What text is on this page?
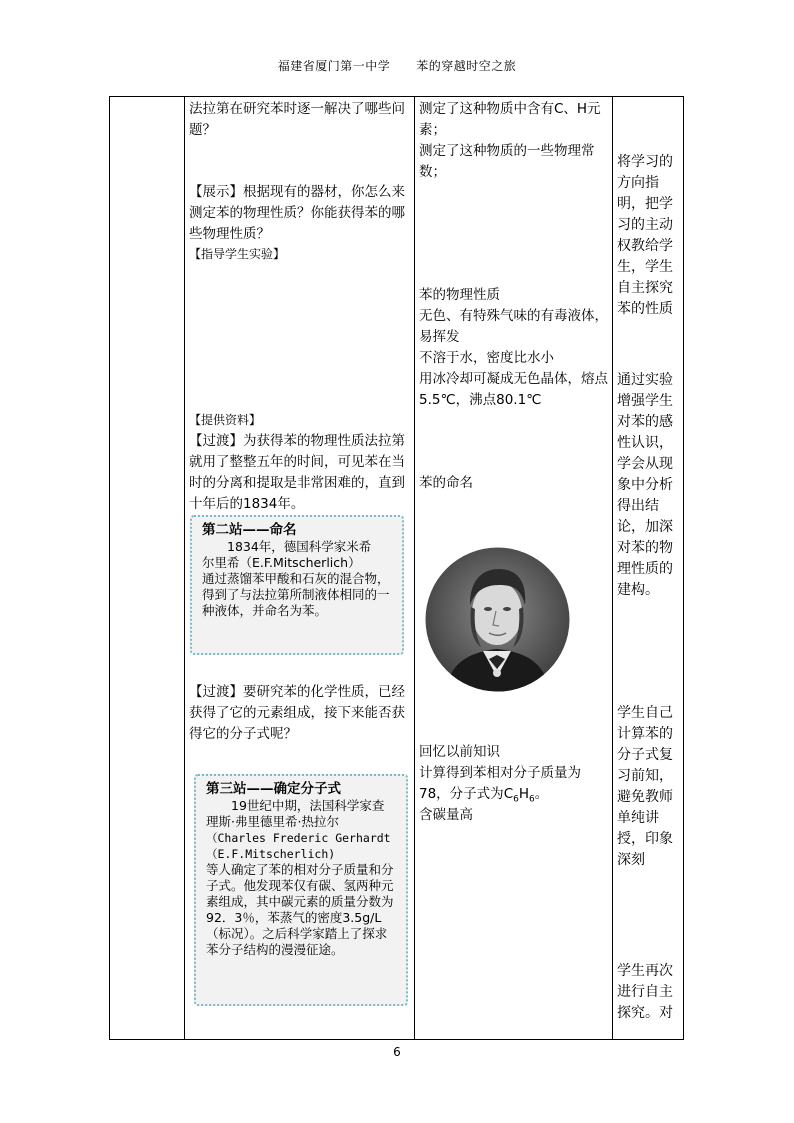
福建省厦门第一中学 苯的穿越时空之旅
法拉第在研究苯时逐一解决了哪些问题？
【展示】根据现有的器材，你怎么来测定苯的物理性质？你能获得苯的哪些物理性质？
【指导学生实验】
【提供资料】
【过渡】为获得苯的物理性质法拉第就用了整整五年的时间，可见苯在当时的分离和提取是非常困难的，直到十年后的1834年。

第二站——命名

1834年，德国科学家米希

尔里希（E.F.Mitscherlich）

通过蒸馏苯甲酸和石灰的混合物，得到了与法拉第所制液体相同的一种液体，并命名为苯。

【过渡】要研究苯的化学性质，已经获得了它的元素组成，接下来能否获得它的分子式呢？

第三站——确定分子式

19世纪中期，法国科学家查理斯·弗里德里希·热拉尔

（Charles Frederic Gerhardt

（E.F.Mitscherlich)

等人确定了苯的相对分子质量和分子式。他发现苯仅有碳、氢两种元素组成，其中碳元素的质量分数为92．3％，苯蒸气的密度3.5g/L（标况）。之后科学家踏上了探求苯分子结构的漫漫征途。

测定了这种物质中含有C、H元素；
测定了这种物质的一些物理常数；
苯的物理性质
无色、有特殊气味的有毒液体，易挥发
不溶于水，密度比水小
用冰冷却可凝成无色晶体，熔点5.5℃，沸点80.1℃
苯的命名
回忆以前知识
计算得到苯相对分子质量为78，分子式为$C_6H_6$。
含碳量高
将学习的方向指明，把学习的主动权教给学生，学生自主探究苯的性质
通过实验增强学生对苯的感性认识，学会从现象中分析得出结论，加深对苯的物理性质的建构。
学生自己计算苯的分子式复习前知，避免教师单纯讲授，印象深刻
学生再次进行自主探究。对
6
